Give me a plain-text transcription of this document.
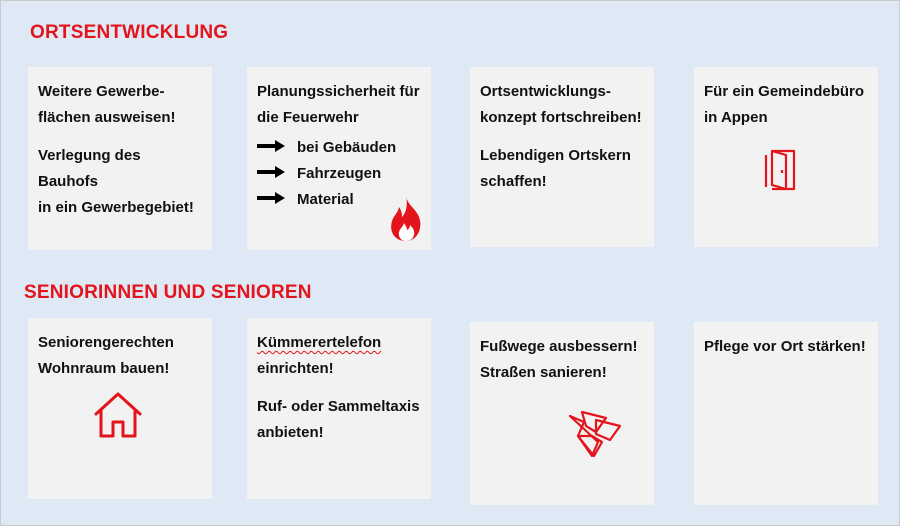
ORTSENTWICKLUNG

Weitere Gewerbe-
flächen ausweisen!

Verlegung des Bauhofs
in ein Gewerbegebiet!

Planungssicherheit für
die Feuerwehr

bei Gebäuden
Fahrzeugen
Material

Ortsentwicklungs-
konzept fortschreiben!

Lebendigen Ortskern
schaffen!

Für ein Gemeindebüro
in Appen

SENIORINNEN UND SENIOREN

Seniorengerechten
Wohnraum bauen!

Kümmerertelefon
einrichten!

Ruf- oder Sammeltaxis
anbieten!

Fußwege ausbessern!
Straßen sanieren!

Pflege vor Ort stärken!
